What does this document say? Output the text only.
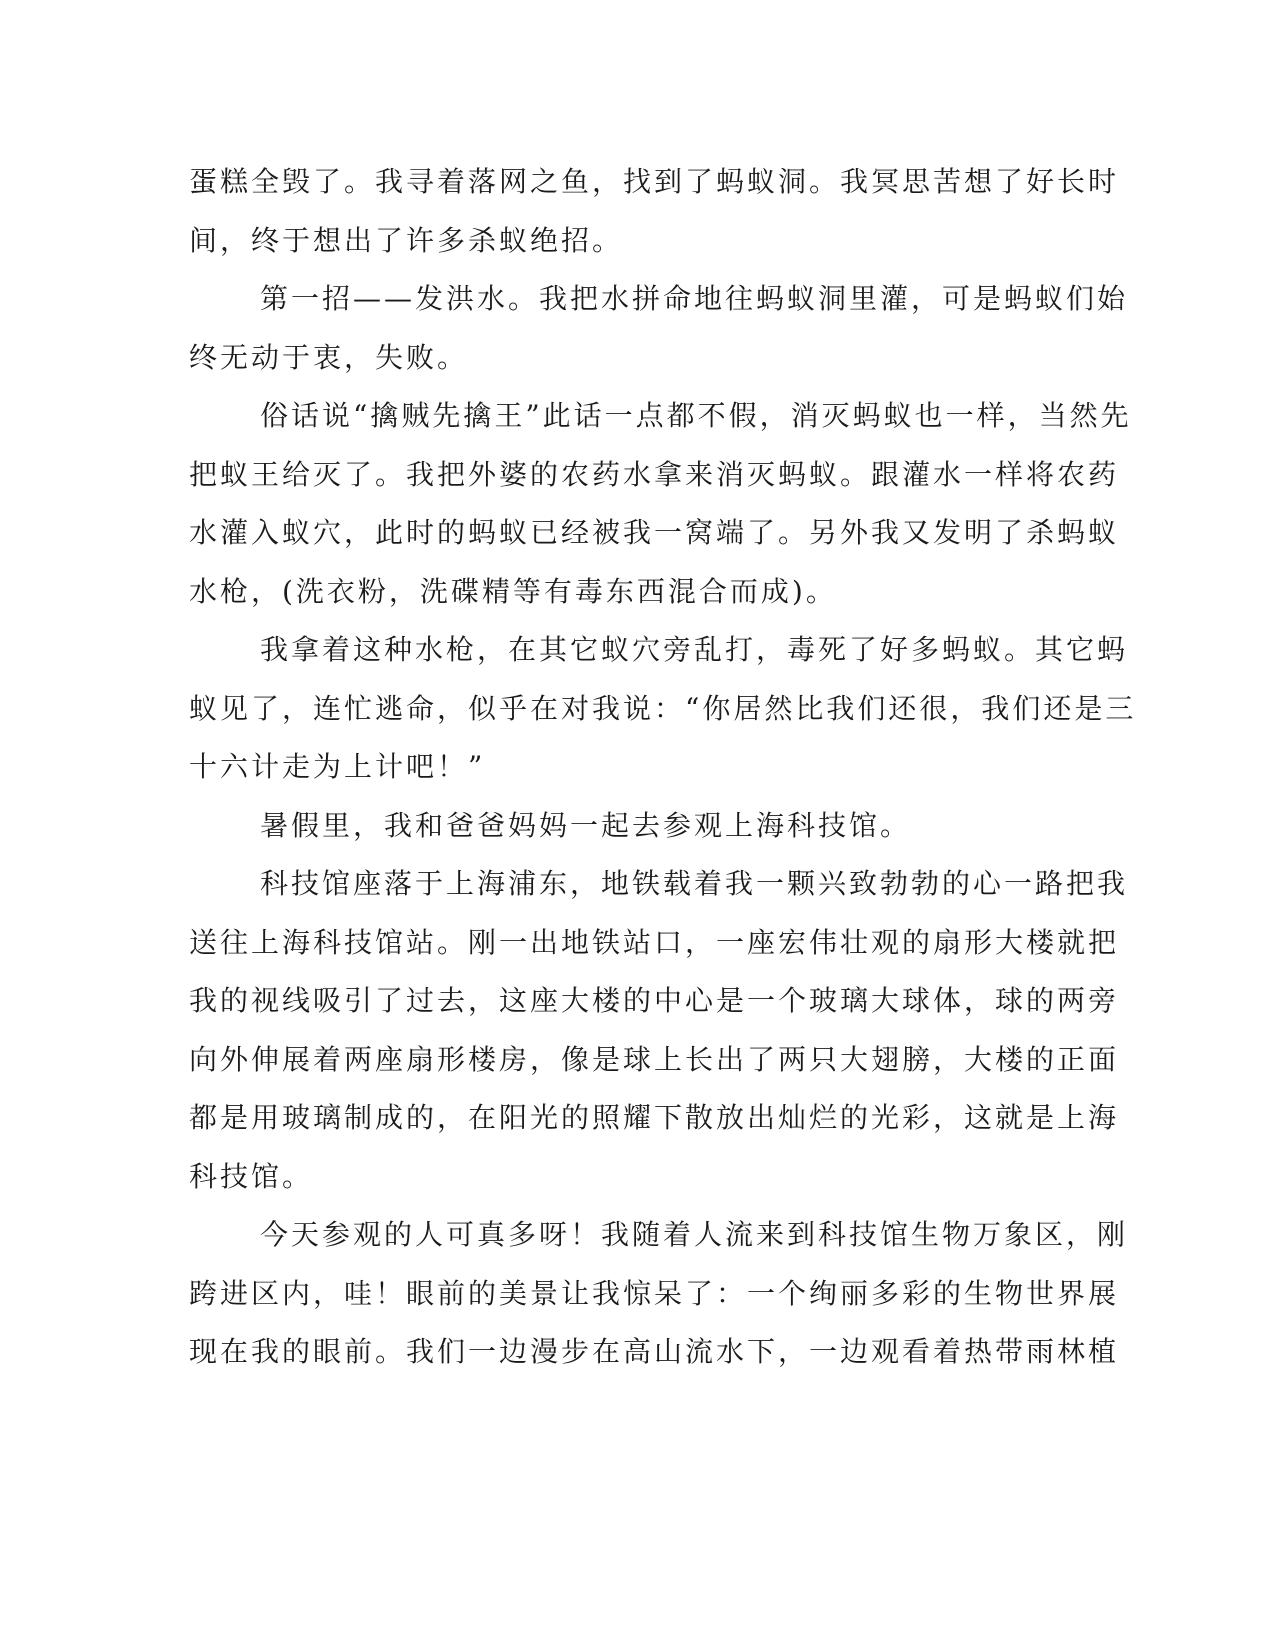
蛋糕全毁了。我寻着落网之鱼，找到了蚂蚁洞。我冥思苦想了好长时
间，终于想出了许多杀蚁绝招。
第一招——发洪水。我把水拼命地往蚂蚁洞里灌，可是蚂蚁们始
终无动于衷，失败。
俗话说“擒贼先擒王”此话一点都不假，消灭蚂蚁也一样，当然先
把蚁王给灭了。我把外婆的农药水拿来消灭蚂蚁。跟灌水一样将农药
水灌入蚁穴，此时的蚂蚁已经被我一窝端了。另外我又发明了杀蚂蚁
水枪，(洗衣粉，洗碟精等有毒东西混合而成)。
我拿着这种水枪，在其它蚁穴旁乱打，毒死了好多蚂蚁。其它蚂
蚁见了，连忙逃命，似乎在对我说：“你居然比我们还很，我们还是三
十六计走为上计吧！”
暑假里，我和爸爸妈妈一起去参观上海科技馆。
科技馆座落于上海浦东，地铁载着我一颗兴致勃勃的心一路把我
送往上海科技馆站。刚一出地铁站口，一座宏伟壮观的扇形大楼就把
我的视线吸引了过去，这座大楼的中心是一个玻璃大球体，球的两旁
向外伸展着两座扇形楼房，像是球上长出了两只大翅膀，大楼的正面
都是用玻璃制成的，在阳光的照耀下散放出灿烂的光彩，这就是上海
科技馆。
今天参观的人可真多呀！我随着人流来到科技馆生物万象区，刚
跨进区内，哇！眼前的美景让我惊呆了：一个绚丽多彩的生物世界展
现在我的眼前。我们一边漫步在高山流水下，一边观看着热带雨林植
